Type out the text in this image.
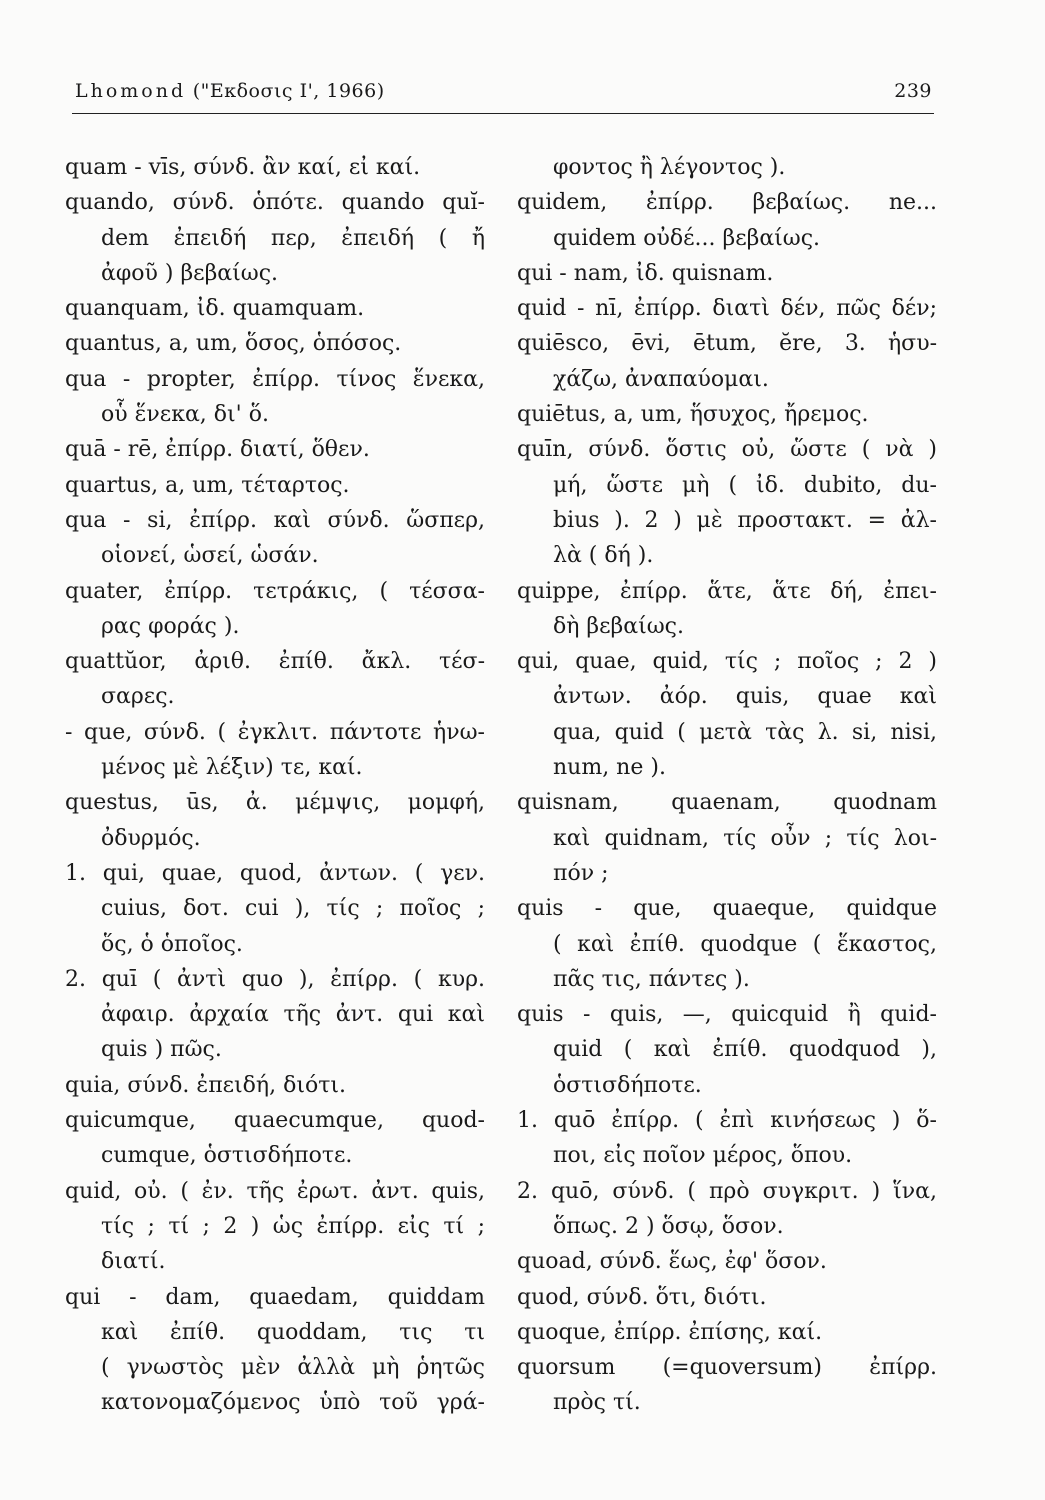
Lhomond ("Εκδοσις Ι', 1966)	239
quam - vīs, σύνδ. ἂν καί, εἰ καί.
quando, σύνδ. ὁπότε. quando quĭ-
dem ἐπειδή περ, ἐπειδή ( ἤ
ἀφοῦ ) βεβαίως.
quanquam, ἰδ. quamquam.
quantus, a, um, ὅσος, ὁπόσος.
qua - propter, ἐπίρρ. τίνος ἕνεκα,
οὗ ἕνεκα, δι' ὅ.
quā - rē, ἐπίρρ. διατί, ὅθεν.
quartus, a, um, τέταρτος.
qua - si, ἐπίρρ. καὶ σύνδ. ὥσπερ,
οἱονεί, ὡσεί, ὡσάν.
quater, ἐπίρρ. τετράκις, ( τέσσα-
ρας φοράς ).
quattŭor, ἀριθ. ἐπίθ. ἄκλ. τέσ-
σαρες.
- que, σύνδ. ( ἐγκλιτ. πάντοτε ἡνω-
μένος μὲ λέξιν) τε, καί.
questus, ūs, ἀ. μέμψις, μομφή,
ὀδυρμός.
1. qui, quae, quod, ἀντων. ( γεν.
cuius, δοτ. cui ), τίς ; ποῖος ;
ὅς, ὁ ὁποῖος.
2. quī ( ἀντὶ quo ), ἐπίρρ. ( κυρ.
ἀφαιρ. ἀρχαία τῆς ἀντ. qui καὶ
quis ) πῶς.
quia, σύνδ. ἐπειδή, διότι.
quicumque, quaecumque, quod-
cumque, ὁστισδήποτε.
quid, οὐ. ( ἐν. τῆς ἐρωτ. ἀντ. quis,
τίς ; τί ; 2 ) ὡς ἐπίρρ. εἰς τί ;
διατί.
qui - dam, quaedam, quiddam
καὶ ἐπίθ. quoddam, τις τι
( γνωστὸς μὲν ἀλλὰ μὴ ῥητῶς
κατονομαζόμενος ὑπὸ τοῦ γρά-
φοντος ἢ λέγοντος ).
quidem, ἐπίρρ. βεβαίως. ne...
quidem οὐδέ... βεβαίως.
qui - nam, ἰδ. quisnam.
quid - nī, ἐπίρρ. διατὶ δέν, πῶς δέν;
quiēsco, ēvi, ētum, ĕre, 3. ἡσυ-
χάζω, ἀναπαύομαι.
quiētus, a, um, ἥσυχος, ἤρεμος.
quīn, σύνδ. ὅστις οὐ, ὥστε ( νὰ )
μή, ὥστε μὴ ( ἰδ. dubito, du-
bius ). 2 ) μὲ προστακτ. = ἀλ-
λὰ ( δή ).
quippe, ἐπίρρ. ἅτε, ἅτε δή, ἐπει-
δὴ βεβαίως.
qui, quae, quid, τίς ; ποῖος ; 2 )
ἀντων. ἀόρ. quis, quae καὶ
qua, quid ( μετὰ τὰς λ. si, nisi,
num, ne ).
quisnam, quaenam, quodnam
καὶ quidnam, τίς οὖν ; τίς λοι-
πόν ;
quis - que, quaeque, quidque
( καὶ ἐπίθ. quodque ( ἕκαστος,
πᾶς τις, πάντες ).
quis - quis, —, quicquid ἢ quid-
quid ( καὶ ἐπίθ. quodquod ),
ὁστισδήποτε.
1. quō ἐπίρρ. ( ἐπὶ κινήσεως ) ὅ-
ποι, εἰς ποῖον μέρος, ὅπου.
2. quō, σύνδ. ( πρὸ συγκριτ. ) ἵνα,
ὅπως. 2 ) ὅσῳ, ὅσον.
quoad, σύνδ. ἕως, ἐφ' ὅσον.
quod, σύνδ. ὅτι, διότι.
quoque, ἐπίρρ. ἐπίσης, καί.
quorsum (=quoversum) ἐπίρρ.
πρὸς τί.
